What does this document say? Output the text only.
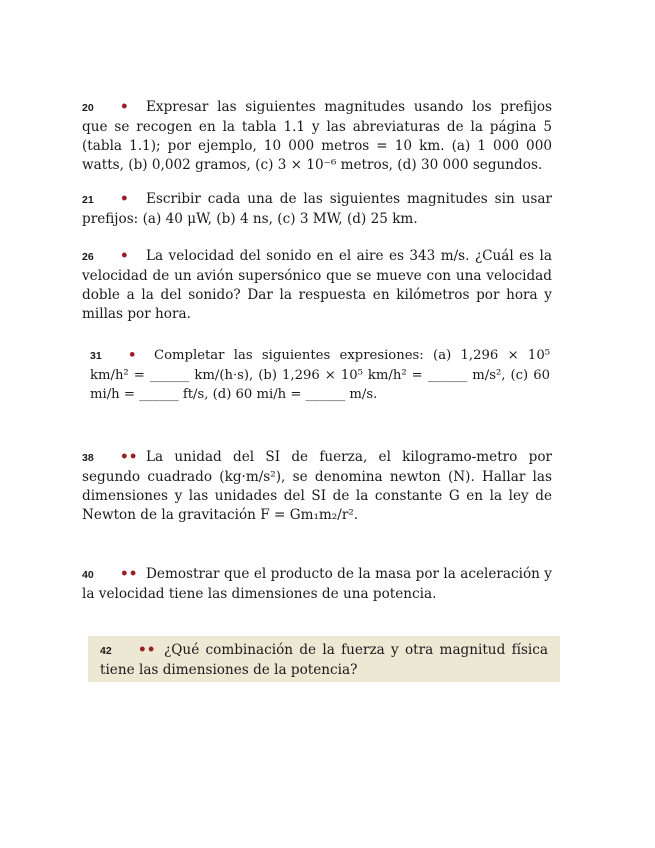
20 • Expresar las siguientes magnitudes usando los prefijos que se recogen en la tabla 1.1 y las abreviaturas de la página 5 (tabla 1.1); por ejemplo, 10 000 metros = 10 km. (a) 1 000 000 watts, (b) 0,002 gramos, (c) 3 × 10⁻⁶ metros, (d) 30 000 segundos.

21 • Escribir cada una de las siguientes magnitudes sin usar prefijos: (a) 40 μW, (b) 4 ns, (c) 3 MW, (d) 25 km.

26 • La velocidad del sonido en el aire es 343 m/s. ¿Cuál es la velocidad de un avión supersónico que se mueve con una velocidad doble a la del sonido? Dar la respuesta en kilómetros por hora y millas por hora.

31 • Completar las siguientes expresiones: (a) 1,296 × 10⁵ km/h² = ______ km/(h·s), (b) 1,296 × 10⁵ km/h² = ______ m/s², (c) 60 mi/h = ______ ft/s, (d) 60 mi/h = ______ m/s.

38 •• La unidad del SI de fuerza, el kilogramo-metro por segundo cuadrado (kg·m/s²), se denomina newton (N). Hallar las dimensiones y las unidades del SI de la constante G en la ley de Newton de la gravitación F = Gm₁m₂/r².

40 •• Demostrar que el producto de la masa por la aceleración y la velocidad tiene las dimensiones de una potencia.

42 •• ¿Qué combinación de la fuerza y otra magnitud física tiene las dimensiones de la potencia?
